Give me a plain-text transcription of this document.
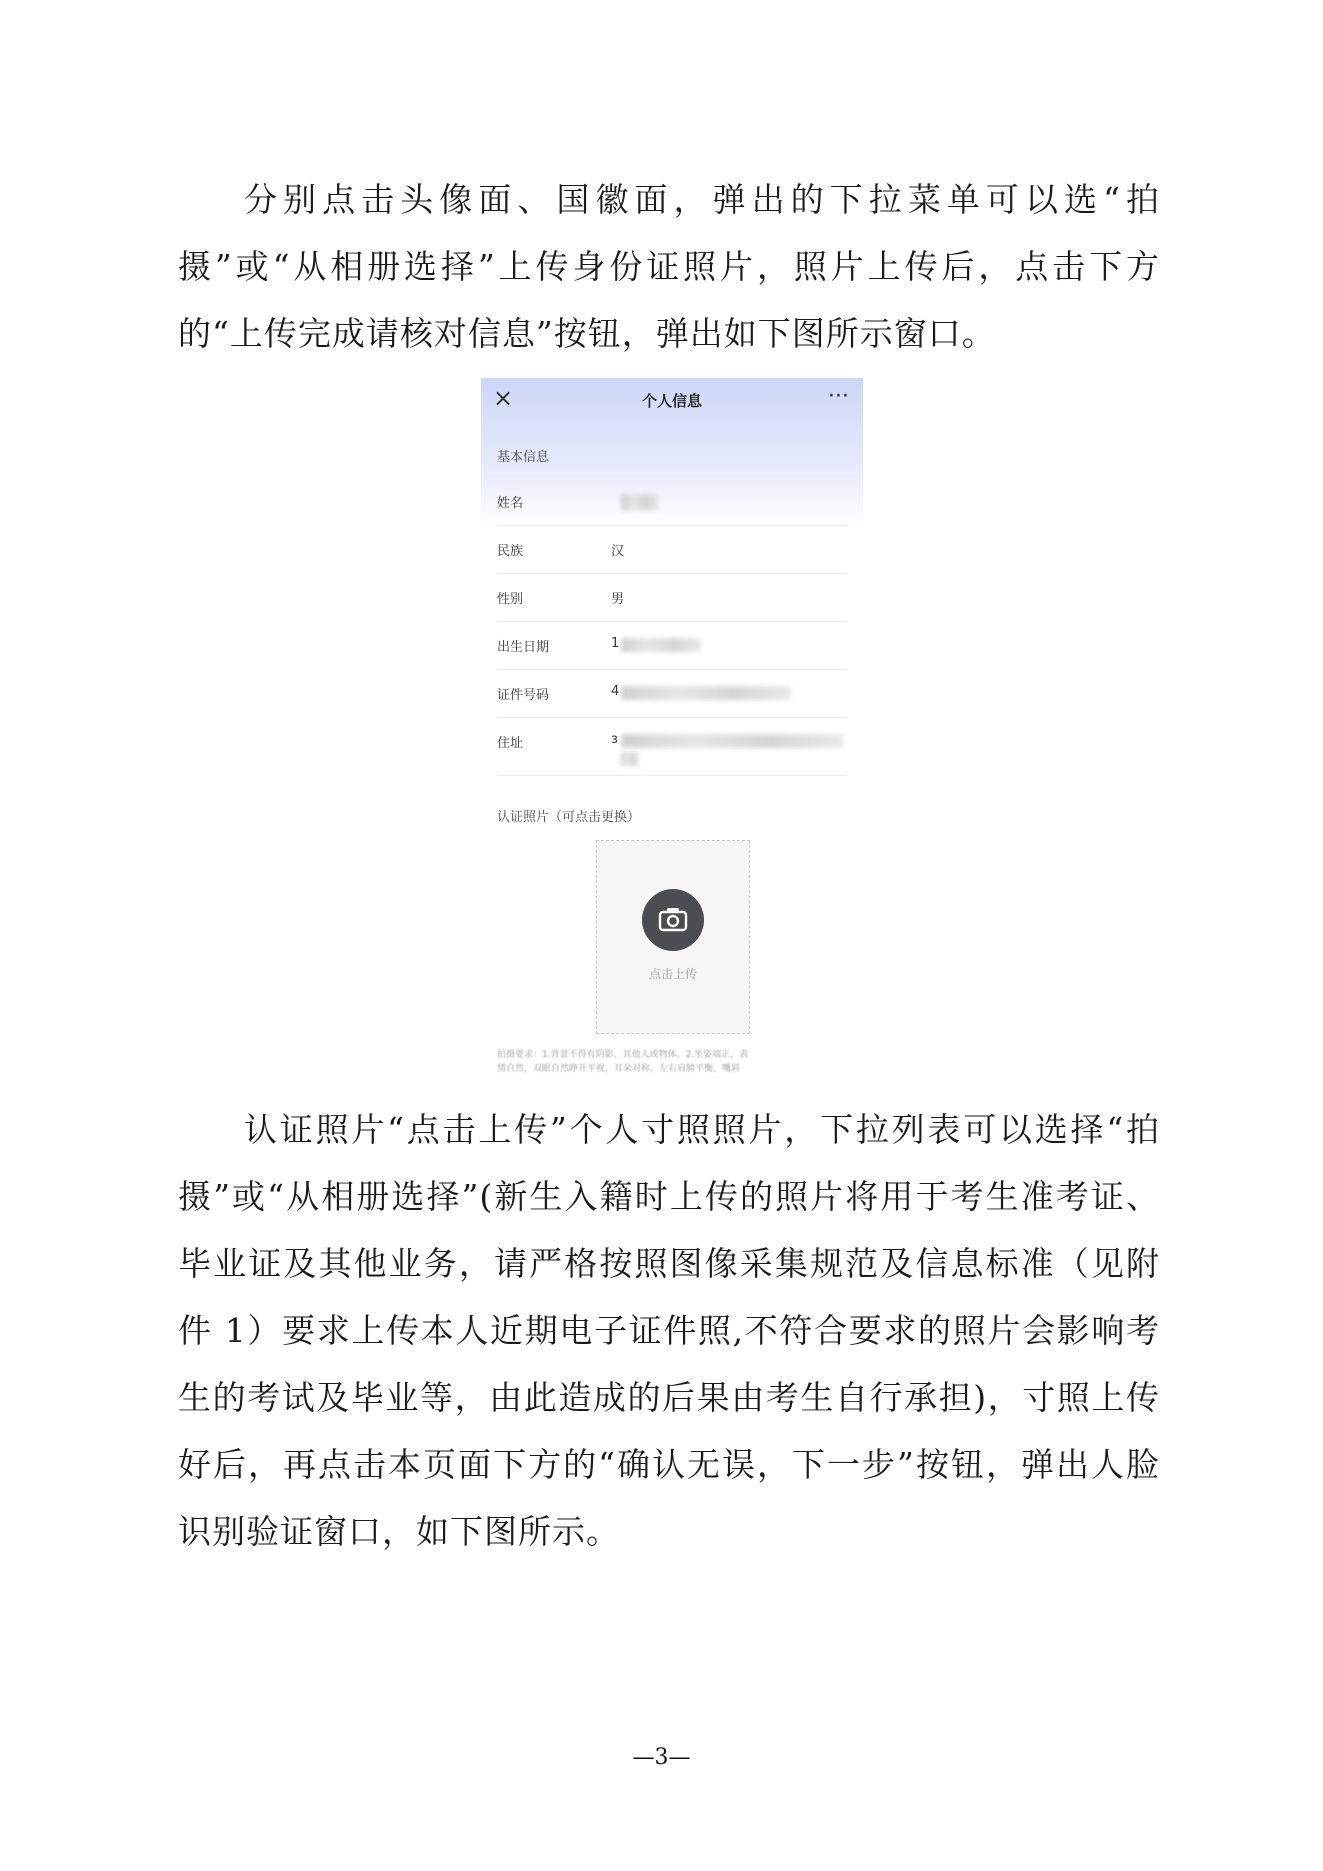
分别点击头像面、国徽面，弹出的下拉菜单可以选“拍摄”或“从相册选择”上传身份证照片，照片上传后，点击下方的“上传完成请核对信息”按钮，弹出如下图所示窗口。

×	个人信息	···
基本信息
姓名
民族	汉
性别	男
出生日期	1
证件号码	4
住址	з
认证照片（可点击更换）
点击上传
拍摄要求：1.背景不得有阴影、其他人或物体。2.坐姿端正，表
情自然，双眼自然睁开平视，耳朵对称，左右肩膀平衡，嘴唇

认证照片“点击上传”个人寸照照片，下拉列表可以选择“拍摄”或“从相册选择”(新生入籍时上传的照片将用于考生准考证、毕业证及其他业务，请严格按照图像采集规范及信息标准（见附件 1）要求上传本人近期电子证件照,不符合要求的照片会影响考生的考试及毕业等，由此造成的后果由考生自行承担)，寸照上传好后，再点击本页面下方的“确认无误，下一步”按钮，弹出人脸识别验证窗口，如下图所示。

—3—
